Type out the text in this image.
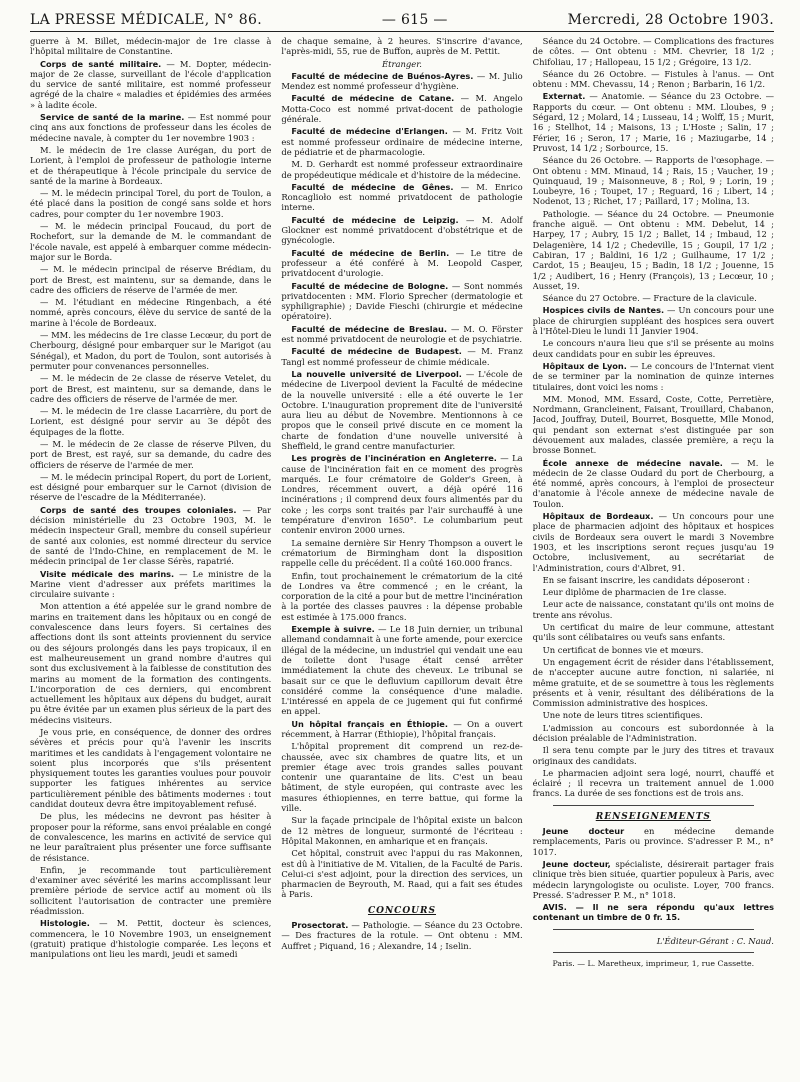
LA PRESSE MÉDICALE, N° 86.	— 615 —	Mercredi, 28 Octobre 1903.

guerre à M. Billet, médecin-major de 1re classe à l'hôpital militaire de Constantine.

Corps de santé militaire. — M. Dopter, médecin-major de 2e classe, surveillant de l'école d'application du service de santé militaire, est nommé professeur agrégé de la chaire « maladies et épidémies des armées » à ladite école.

Service de santé de la marine. — Est nommé pour cinq ans aux fonctions de professeur dans les écoles de médecine navale, à compter du 1er novembre 1903 :

M. le médecin de 1re classe Aurégan, du port de Lorient, à l'emploi de professeur de pathologie interne et de thérapeutique à l'école principale du service de santé de la marine à Bordeaux.

— M. le médecin principal Torel, du port de Toulon, a été placé dans la position de congé sans solde et hors cadres, pour compter du 1er novembre 1903.

— M. le médecin principal Foucaud, du port de Rochefort, sur la demande de M. le commandant de l'école navale, est appelé à embarquer comme médecin-major sur le Borda.

— M. le médecin principal de réserve Brédiam, du port de Brest, est maintenu, sur sa demande, dans le cadre des officiers de réserve de l'armée de mer.

— M. l'étudiant en médecine Ringenbach, a été nommé, après concours, élève du service de santé de la marine à l'école de Bordeaux.

— MM. les médecins de 1re classe Lecœur, du port de Cherbourg, désigné pour embarquer sur le Marigot (au Sénégal), et Madon, du port de Toulon, sont autorisés à permuter pour convenances personnelles.

— M. le médecin de 2e classe de réserve Vetelet, du port de Brest, est maintenu, sur sa demande, dans le cadre des officiers de réserve de l'armée de mer.

— M. le médecin de 1re classe Lacarrière, du port de Lorient, est désigné pour servir au 3e dépôt des équipages de la flotte.

— M. le médecin de 2e classe de réserve Pilven, du port de Brest, est rayé, sur sa demande, du cadre des officiers de réserve de l'armée de mer.

— M. le médecin principal Ropert, du port de Lorient, est désigné pour embarquer sur le Carnot (division de réserve de l'escadre de la Méditerranée).

Corps de santé des troupes coloniales. — Par décision ministérielle du 23 Octobre 1903, M. le médecin inspecteur Grall, membre du conseil supérieur de santé aux colonies, est nommé directeur du service de santé de l'Indo-Chine, en remplacement de M. le médecin principal de 1er classe Sérès, rapatrié.

Visite médicale des marins. — Le ministre de la Marine vient d'adresser aux préfets maritimes la circulaire suivante :

Mon attention a été appelée sur le grand nombre de marins en traitement dans les hôpitaux ou en congé de convalescence dans leurs foyers. Si certaines des affections dont ils sont atteints proviennent du service ou des séjours prolongés dans les pays tropicaux, il en est malheureusement un grand nombre d'autres qui sont dus exclusivement à la faiblesse de constitution des marins au moment de la formation des contingents. L'incorporation de ces derniers, qui encombrent actuellement les hôpitaux aux dépens du budget, aurait pu être évitée par un examen plus sérieux de la part des médecins visiteurs.

Je vous prie, en conséquence, de donner des ordres sévères et précis pour qu'à l'avenir les inscrits maritimes et les candidats à l'engagement volontaire ne soient plus incorporés que s'ils présentent physiquement toutes les garanties voulues pour pouvoir supporter les fatigues inhérentes au service particulièrement pénible des bâtiments modernes : tout candidat douteux devra être impitoyablement refusé.

De plus, les médecins ne devront pas hésiter à proposer pour la réforme, sans envoi préalable en congé de convalescence, les marins en activité de service qui ne leur paraîtraient plus présenter une force suffisante de résistance.

Enfin, je recommande tout particulièrement d'examiner avec sévérité les marins accomplissant leur première période de service actif au moment où ils sollicitent l'autorisation de contracter une première réadmission.

Histologie. — M. Pettit, docteur ès sciences, commencera, le 10 Novembre 1903, un enseignement (gratuit) pratique d'histologie comparée. Les leçons et manipulations ont lieu les mardi, jeudi et samedi

de chaque semaine, à 2 heures. S'inscrire d'avance, l'après-midi, 55, rue de Buffon, auprès de M. Pettit.

Étranger.

Faculté de médecine de Buénos-Ayres. — M. Julio Mendez est nommé professeur d'hygiène.

Faculté de médecine de Catane. — M. Angelo Motta-Coco est nommé privat-docent de pathologie générale.

Faculté de médecine d'Erlangen. — M. Fritz Voit est nommé professeur ordinaire de médecine interne, de pédiatrie et de pharmacologie.

M. D. Gerhardt est nommé professeur extraordinaire de propédeutique médicale et d'histoire de la médecine.

Faculté de médecine de Gênes. — M. Enrico Roncaglioło est nommé privatdocent de pathologie interne.

Faculté de médecine de Leipzig. — M. Adolf Glockner est nommé privatdocent d'obstétrique et de gynécologie.

Faculté de médecine de Berlin. — Le titre de professeur a été conféré à M. Leopold Casper, privatdocent d'urologie.

Faculté de médecine de Bologne. — Sont nommés privatdocenten : MM. Florio Sprecher (dermatologie et syphiligraphie) ; Davide Fieschi (chirurgie et médecine opératoire).

Faculté de médecine de Breslau. — M. O. Förster est nommé privatdocent de neurologie et de psychiatrie.

Faculté de médecine de Budapest. — M. Franz Tangl est nommé professeur de chimie médicale.

La nouvelle université de Liverpool. — L'école de médecine de Liverpool devient la Faculté de médecine de la nouvelle université : elle a été ouverte le 1er Octobre. L'inauguration proprement dite de l'université aura lieu au début de Novembre. Mentionnons à ce propos que le conseil privé discute en ce moment la charte de fondation d'une nouvelle université à Sheffield, le grand centre manufacturier.

Les progrès de l'incinération en Angleterre. — La cause de l'incinération fait en ce moment des progrès marqués. Le four crématoire de Golder's Green, à Londres, récemment ouvert, a déjà opéré 116 incinérations ; il comprend deux fours alimentés par du coke ; les corps sont traités par l'air surchauffé à une température d'environ 1650°. Le columbarium peut contenir environ 2000 urnes.

La semaine dernière Sir Henry Thompson a ouvert le crématorium de Birmingham dont la disposition rappelle celle du précédent. Il a coûté 160.000 francs.

Enfin, tout prochainement le crématorium de la cité de Londres va être commencé ; en le créant, la corporation de la cité a pour but de mettre l'incinération à la portée des classes pauvres : la dépense probable est estimée à 175.000 francs.

Exemple à suivre. — Le 18 Juin dernier, un tribunal allemand condamnait à une forte amende, pour exercice illégal de la médecine, un industriel qui vendait une eau de toilette dont l'usage était censé arrêter immédiatement la chute des cheveux. Le tribunal se basait sur ce que le defluvium capillorum devait être considéré comme la conséquence d'une maladie. L'intéressé en appela de ce jugement qui fut confirmé en appel.

Un hôpital français en Éthiopie. — On a ouvert récemment, à Harrar (Éthiopie), l'hôpital français.

L'hôpital proprement dit comprend un rez-de-chaussée, avec six chambres de quatre lits, et un premier étage avec trois grandes salles pouvant contenir une quarantaine de lits. C'est un beau bâtiment, de style européen, qui contraste avec les masures éthiopiennes, en terre battue, qui forme la ville.

Sur la façade principale de l'hôpital existe un balcon de 12 mètres de longueur, surmonté de l'écriteau : Hôpital Makonnen, en amharique et en français.

Cet hôpital, construit avec l'appui du ras Makonnen, est dû à l'initiative de M. Vitalien, de la Faculté de Paris. Celui-ci s'est adjoint, pour la direction des services, un pharmacien de Beyrouth, M. Raad, qui a fait ses études à Paris.

CONCOURS

Prosectorat. — Pathologie. — Séance du 23 Octobre. — Des fractures de la rotule. — Ont obtenu : MM. Auffret ; Piquand, 16 ; Alexandre, 14 ; Iselin.

Séance du 24 Octobre. — Complications des fractures de côtes. — Ont obtenu : MM. Chevrier, 18 1/2 ; Chifoliau, 17 ; Hallopeau, 15 1/2 ; Grégoire, 13 1/2.

Séance du 26 Octobre. — Fistules à l'anus. — Ont obtenu : MM. Chevassu, 14 ; Renon ; Barbarin, 16 1/2.

Externat. — Anatomie. — Séance du 23 Octobre. — Rapports du cœur. — Ont obtenu : MM. Lloubes, 9 ; Ségard, 12 ; Molard, 14 ; Lusseau, 14 ; Wolff, 15 ; Murit, 16 ; Stellhot, 14 ; Maisons, 13 ; L'Hoste ; Salin, 17 ; Férier, 16 ; Seron, 17 ; Marie, 16 ; Maziugarbe, 14 ; Pruvost, 14 1/2 ; Sorbource, 15.

Séance du 26 Octobre. — Rapports de l'œsophage. — Ont obtenu : MM. Minaud, 14 ; Rais, 15 ; Vaucher, 19 ; Quinquaud, 19 ; Maisonneuve, 8 ; Rol, 9 ; Lorin, 19 ; Loubeyre, 16 ; Toupet, 17 ; Reguard, 16 ; Libert, 14 ; Nodenot, 13 ; Richet, 17 ; Paillard, 17 ; Molina, 13.

Pathologie. — Séance du 24 Octobre. — Pneumonie franche aiguë. — Ont obtenu : MM. Debelut, 14 ; Harpey, 17 ; Aubry, 15 1/2 ; Ballet, 14 ; Imbaud, 12 ; Delagenière, 14 1/2 ; Chedeville, 15 ; Goupil, 17 1/2 ; Cabiran, 17 ; Baldini, 16 1/2 ; Guilhaume, 17 1/2 ; Cardot, 15 ; Beaujeu, 15 ; Badin, 18 1/2 ; Jouenne, 15 1/2 ; Audibert, 16 ; Henry (François), 13 ; Lecœur, 10 ; Ausset, 19.

Séance du 27 Octobre. — Fracture de la clavicule.

Hospices civils de Nantes. — Un concours pour une place de chirurgien suppléant des hospices sera ouvert à l'Hôtel-Dieu le lundi 11 Janvier 1904.

Le concours n'aura lieu que s'il se présente au moins deux candidats pour en subir les épreuves.

Hôpitaux de Lyon. — Le concours de l'Internat vient de se terminer par la nomination de quinze internes titulaires, dont voici les noms :

MM. Monod, MM. Essard, Coste, Cotte, Perretière, Nordmann, Grancleinent, Faisant, Trouillard, Chabanon, Jacod, Jouffray, Duteil, Bourret, Bosquette, Mlle Monod, qui pendant son externat s'est distinguée par son dévouement aux malades, classée première, a reçu la brosse Bonnet.

École annexe de médecine navale. — M. le médecin de 2e classe Oudard du port de Cherbourg, a été nommé, après concours, à l'emploi de prosecteur d'anatomie à l'école annexe de médecine navale de Toulon.

Hôpitaux de Bordeaux. — Un concours pour une place de pharmacien adjoint des hôpitaux et hospices civils de Bordeaux sera ouvert le mardi 3 Novembre 1903, et les inscriptions seront reçues jusqu'au 19 Octobre, inclusivement, au secrétariat de l'Administration, cours d'Albret, 91.

En se faisant inscrire, les candidats déposeront :

Leur diplôme de pharmacien de 1re classe.

Leur acte de naissance, constatant qu'ils ont moins de trente ans révolus.

Un certificat du maire de leur commune, attestant qu'ils sont célibataires ou veufs sans enfants.

Un certificat de bonnes vie et mœurs.

Un engagement écrit de résider dans l'établissement, de n'accepter aucune autre fonction, ni salariée, ni même gratuite, et de se soumettre à tous les règlements présents et à venir, résultant des délibérations de la Commission administrative des hospices.

Une note de leurs titres scientifiques.

L'admission au concours est subordonnée à la décision préalable de l'Administration.

Il sera tenu compte par le jury des titres et travaux originaux des candidats.

Le pharmacien adjoint sera logé, nourri, chauffé et éclairé ; il recevra un traitement annuel de 1.000 francs. La durée de ses fonctions est de trois ans.

RENSEIGNEMENTS

Jeune docteur en médecine demande remplacements, Paris ou province. S'adresser P. M., n° 1017.

Jeune docteur, spécialiste, désirerait partager frais clinique très bien située, quartier populeux à Paris, avec médecin laryngologiste ou oculiste. Loyer, 700 francs. Pressé. S'adresser P. M., n° 1018.

AVIS. — Il ne sera répondu qu'aux lettres contenant un timbre de 0 fr. 15.

L'Éditeur-Gérant : C. Naud.

Paris. — L. Maretheux, imprimeur, 1, rue Cassette.
